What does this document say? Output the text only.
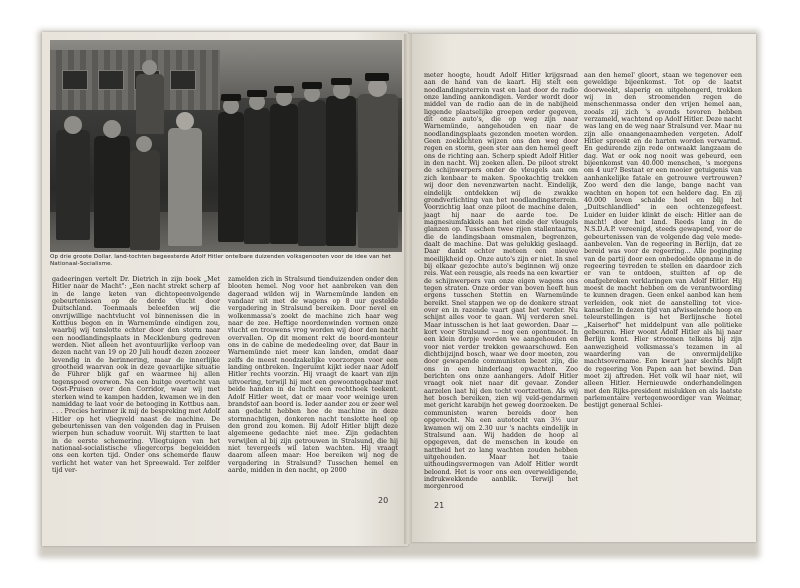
Op drie groote Dollar. land-tochten begeesterde Adolf Hitler ontelbare duizenden volksgenooten voor de idee van het Nationaal-Socialisme.

gadeeringen vertelt Dr. Dietrich in zijn boek „Met Hitler naar de Macht": „Een nacht strekt scherp af in de lange keten van dichtopeenvolgende gebeurtenissen op de derde vlucht door Duitschland. Toenmaals beleefden wij die onvrijwillige nachtvlucht vol binnenissen die in Kottbus begon en in Warnemünde eindigen zou, waarbij wij tenslotte echter door den storm naar een noodlandingsplaats in Mecklenburg gedreven werden. Niet alleen het avontuurlijke verloop van dezen nacht van 19 op 20 Juli houdt dezen zoozeer levendig in de herinnering, maar de innerlijke grootheid waarvan ook in deze gevaarlijke situatie de Führer blijk gaf en waarmee hij allen tegenspoed overwon. Na een buitge overtocht van Oost-Pruisen over den Corridor, waar wij met sterken wind te kampen hadden, kwamen we in den namiddag te laat voor de betooging in Kottbus aan. . . . Precies herinner ik mij de bespreking met Adolf Hitler op het vliegveld naast de machine. De gebeurtenissen van den volgenden dag in Pruisen wierpen hun schaduw vooruit. Wij startten te laat in de eerste schemering. Vliegtuigen van het nationaal-socialistische vliegercorps begeleidden ons een korten tijd. Onder ons schemerde flauw verlicht het water van het Spreewald. Ter zelfder tijd ver-

zamelden zich in Stralsund tienduizenden onder den blooten hemel. Nog voor het aanbreken van den dageraad wilden wij in Warnemünde landen en vandaar uit met de wagens op 8 uur gestelde vergadering in Stralsund bereiken. Door nevel en wolkenmassa's zoekt de machine zich haar weg naar de zee. Heftige noordenwinden vormen onze vlucht en trouwens vrog worden wij door den nacht overvallen. Op dit moment rekt de boord-monteur ons in de cabine de mededeeling over, dat Baur in Warnemünde niet meer kan landen, omdat daar zelfs de meest noodzakelijke voorzorgen voor een landing ontbreken. Ingeruimt kijkt ieder naar Adolf Hitler rechts voorzin. Hij vraagt de kaart van zijn uitvoering, terwijl hij met een gewoontegebaar met beide handen in de lucht een rechthoek teekent. Adolf Hitler weet, dat er maar voor weinige uren brandstof aan boord is. Ieder aander zou er zeer wel aan gedacht hebben hoe de machine in deze stormnachtigen, donkeren nacht tenslotte heel op den grond zou komen. Bij Adolf Hitler blijft deze algemeene gedachte niet mee. Zijn gedachten verwijlen al bij zijn getrouwen in Stralsund, die hij niet tevergeefs wil laten wachten. Hij vraagt daarom alleen maar: Hoe bereiken wij nog de vergadering in Stralsund? Tusschen hemel en aarde, midden in den nacht, op 2000

20

meter hoogte, houdt Adolf Hitler krijgsraad aan de hand van de kaart. Hij stelt een noodlandingsterrein vast en laat door de radio onze landing aankondigen. Verder wordt door middel van de radio aan de in de nabijheid liggende plaatselijke groepen order gegeven, dit onze auto's, die op weg zijn naar Warnemünde, aangehouden en naar de noodlandingsplaats gezonden moeten worden. Geen zoeklichten wijzen ons den weg door regen en storm, geen ster aan den hemel geeft ons de richting aan. Scherp spiedt Adolf Hitler in den nacht. Wij zoeken allen. De piloot strekt de schijnwerpers onder de vleugels aan om zich kenbaar te maken. Spookachtig trekken wij door den nevenzwarten nacht. Eindelijk, eindelijk ontdekken wij de zwakke grondverlichting van het noodlandingsterrein. Voorzichtig laat onze piloot de machine dalen, jaagt hij naar de aarde toe. De magnesiumfakkels aan het einde der vleugels glanzen op. Tusschen twee rijen stallentaarns, die de landingsbaan omsmalen, begrenzen, daalt de machine. Dat was gelukkig geslaagd. Daar dankt echter meteen een nieuwe moeilijkheid op. Onze auto's zijn er niet. In snel bij elkaar gezochte auto's beginnen wij onze reis. Wat een reusgie, als reeds na een kwartier de schijnwerpers van onze eigen wagens ons tegen straten. Onze order van boven heeft hun ergens tusschen Stettin en Warnemünde bereikt. Snel stappen we op de donkere straat over en in razende vaart gaat het verder. Nu schijnt alles voor te gaan. Wij verderen snel. Maar intusschen is het laat geworden. Daar — kort voor Stralsund — nog een opontmoot. In een klein dorpje worden we aangehouden en voor niet verder trekken gewaarschuwd. Een dichtbijzijnd bosch, waar we door moeten, zou door gewapende communisten bezet zijn, die ons in een hinderlaag opwachten. Zoo berichten ons onze aanhangers. Adolf Hitler vraagt ook niet naar dit gevaar. Zonder aarzelen laat hij den tocht voortzetten. Als wij het bosch bereiken, zien wij veld-gendarmen met gericht karabijn het geweg doorzoeken. De communisten waren bereids door hen opgevocht. Na een autotocht van 3½ uur kwamen wij om 2.30 uur 's nachts eindelijk in Stralsund aan. Wij hadden de hoop al opgegeven, dat de menschen in koude en nattheid het zo lang wachten zouden hebben uitgehouden. Maar het taaie uithoudingsvermogen van Adolf Hitler wordt beloond. Het is voor ons een overweldigende, indrukwekkende aanblik. Terwijl het morgenrood

aan den hemel' gloort, staan we tegenover een geweldige bijeenkomst. Tot op de laatst doorweekt, slaperig en uitgehongerd, trokken wij in den stroomenden regen de menschenmassa onder den vrijen hemel aan, zooals zij zich 's avonds tevoren hebben verzameld, wachtend op Adolf Hitler. Deze nacht was lang en de weg naar Stralsund ver. Maar nu zijn alle onaangenaamheden vergeten. Adolf Hitler spreekt en de harten worden verwarmd. En gedurende zijn rede ontwaakt langzaam de dag. Wat er ook nog nooit was gebeurd, een bijeenkomst van 40.000 menschen, 's morgens om 4 uur? Bestaat er een mooier getuigenis van aanhankelijke fatale en getrouwe vertrouwen? Zoo werd den die lange, bange nacht van wachten en hopen tot een heldere dag. En zij 40.000 leven schalde hoel en blij het „Duitschlandlied" in een ochtenzegefeest. Luider en luider klinkt de eisch: Hitler aan de macht! door het land. Reeds lang in de N.S.D.A.P. vereenigd, steeds gewapend, voor de gebeurtenissen van de volgende dag vele mede-aanbevelen. Van de regeering in Berlijn, dat ze bereid was voor de regeering... Alle poginging van de partij door een onbedoelde opname in de regeering tevreden te stellen en daardoor zich er van te ontdoen, stuitten af op de onafgebroken verklaringen van Adolf Hitler. Hij moest de macht hebben om de verantwoording te kunnen dragen. Geen enkel aanbod kan hem verleiden, ook niet de aanstelling tot vice-kanselier. In dezen tijd van afwisselende hoop en teleurstellingen is het Berlijnsche hotel „Kaiserhof" het middelpunt van alle politieke gebeuren. Hier woont Adolf Hitler als hij naar Berlijn komt. Hier stroomen telkens bij zijn aanwezigheid volksmassa's tezamen in al waardering van de onvermijdelijke machtsovername. Een kwart jaar slechts blijft de regeering Von Papen aan het bewind. Dan moet zij aftreden. Het volk wil haar niet, wil alleen Hitler. Hernieuwde onderhandelingen met den Rijks-president mislukken en als laatste parlementaire vertegenwoordiger van Weimar, bestijgt generaal Schlei-

21
